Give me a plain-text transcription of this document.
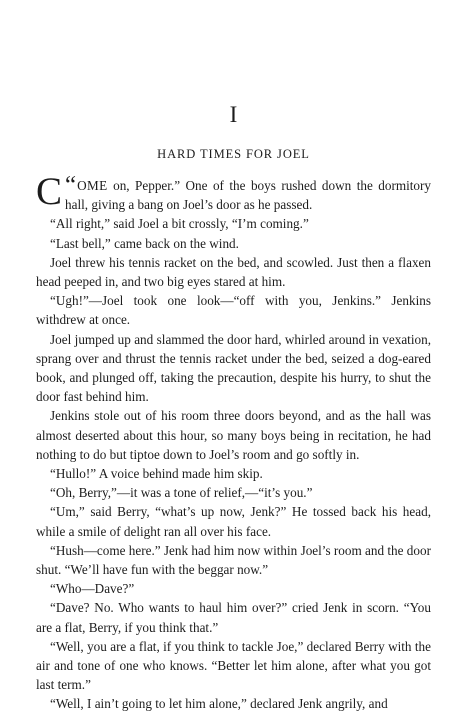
I
HARD TIMES FOR JOEL

“
C OME on, Pepper.” One of the boys rushed down the dormitory hall, giving a bang on Joel’s door as he passed.

“All right,” said Joel a bit crossly, “I’m coming.”

“Last bell,” came back on the wind.

Joel threw his tennis racket on the bed, and scowled. Just then a flaxen head peeped in, and two big eyes stared at him.

“Ugh!”—Joel took one look—“off with you, Jenkins.” Jenkins withdrew at once.

Joel jumped up and slammed the door hard, whirled around in vexation, sprang over and thrust the tennis racket under the bed, seized a dog-eared book, and plunged off, taking the precaution, despite his hurry, to shut the door fast behind him.

Jenkins stole out of his room three doors beyond, and as the hall was almost deserted about this hour, so many boys being in recitation, he had nothing to do but tiptoe down to Joel’s room and go softly in.

“Hullo!” A voice behind made him skip.

“Oh, Berry,”—it was a tone of relief,—“it’s you.”

“Um,” said Berry, “what’s up now, Jenk?” He tossed back his head, while a smile of delight ran all over his face.

“Hush—come here.” Jenk had him now within Joel’s room and the door shut. “We’ll have fun with the beggar now.”

“Who—Dave?”

“Dave? No. Who wants to haul him over?” cried Jenk in scorn. “You are a flat, Berry, if you think that.”

“Well, you are a flat, if you think to tackle Joe,” declared Berry with the air and tone of one who knows. “Better let him alone, after what you got last term.”

“Well, I ain’t going to let him alone,” declared Jenk angrily, and
